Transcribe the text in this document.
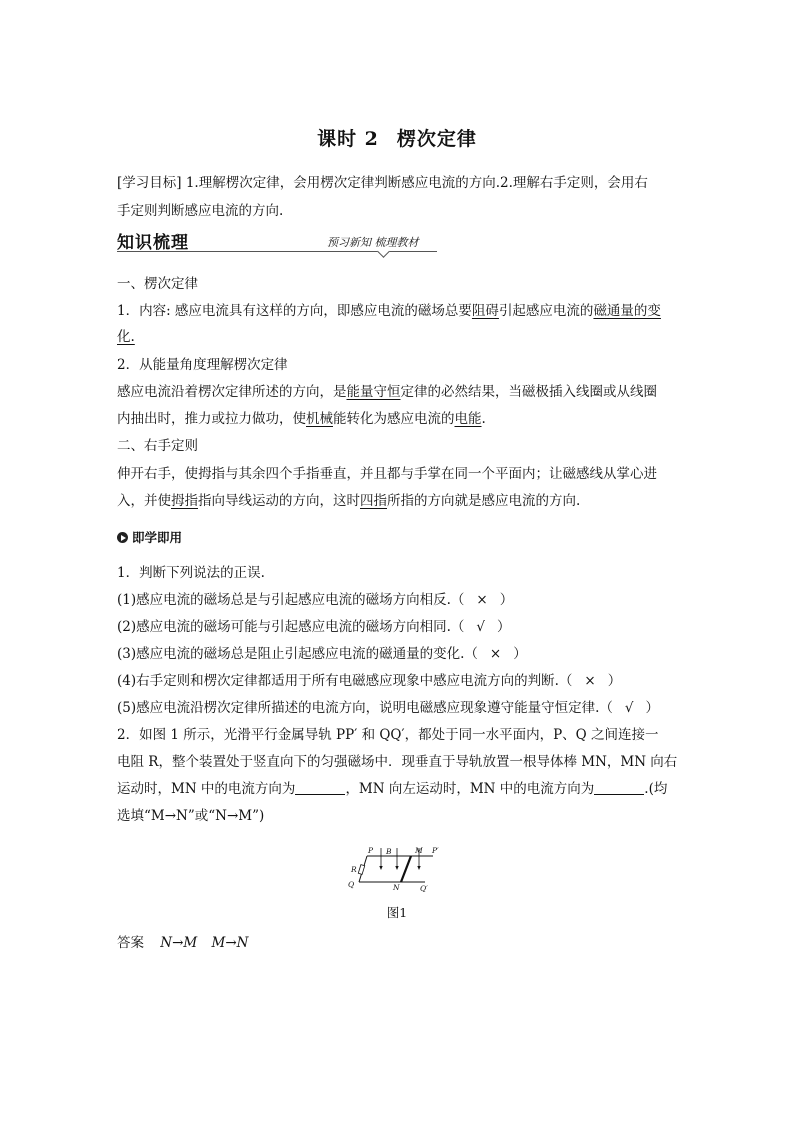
课时 2 楞次定律
[学习目标] 1.理解楞次定律，会用楞次定律判断感应电流的方向.2.理解右手定则，会用右
手定则判断感应电流的方向.
知识梳理	预习新知 梳理教材
一、楞次定律
1．内容: 感应电流具有这样的方向，即感应电流的磁场总要阻碍引起感应电流的磁通量的变
化.
2．从能量角度理解楞次定律
感应电流沿着楞次定律所述的方向，是能量守恒定律的必然结果，当磁极插入线圈或从线圈
内抽出时，推力或拉力做功，使机械能转化为感应电流的电能.
二、右手定则
伸开右手，使拇指与其余四个手指垂直，并且都与手掌在同一个平面内；让磁感线从掌心进
入，并使拇指指向导线运动的方向，这时四指所指的方向就是感应电流的方向.
即学即用
1．判断下列说法的正误.
(1)感应电流的磁场总是与引起感应电流的磁场方向相反.（ × ）
(2)感应电流的磁场可能与引起感应电流的磁场方向相同.（ √ ）
(3)感应电流的磁场总是阻止引起感应电流的磁通量的变化.（ × ）
(4)右手定则和楞次定律都适用于所有电磁感应现象中感应电流方向的判断.（ × ）
(5)感应电流沿楞次定律所描述的电流方向，说明电磁感应现象遵守能量守恒定律.（ √ ）
2．如图 1 所示，光滑平行金属导轨 PP′ 和 QQ′，都处于同一水平面内，P、Q 之间连接一
电阻 R，整个装置处于竖直向下的匀强磁场中．现垂直于导轨放置一根导体棒 MN，MN 向右
运动时，MN 中的电流方向为	，MN 向左运动时，MN 中的电流方向为	.(均
选填“M→N”或“N→M”)
P	P′
Q	Q′
R
B	M
N
图1
答案 N→M M→N
